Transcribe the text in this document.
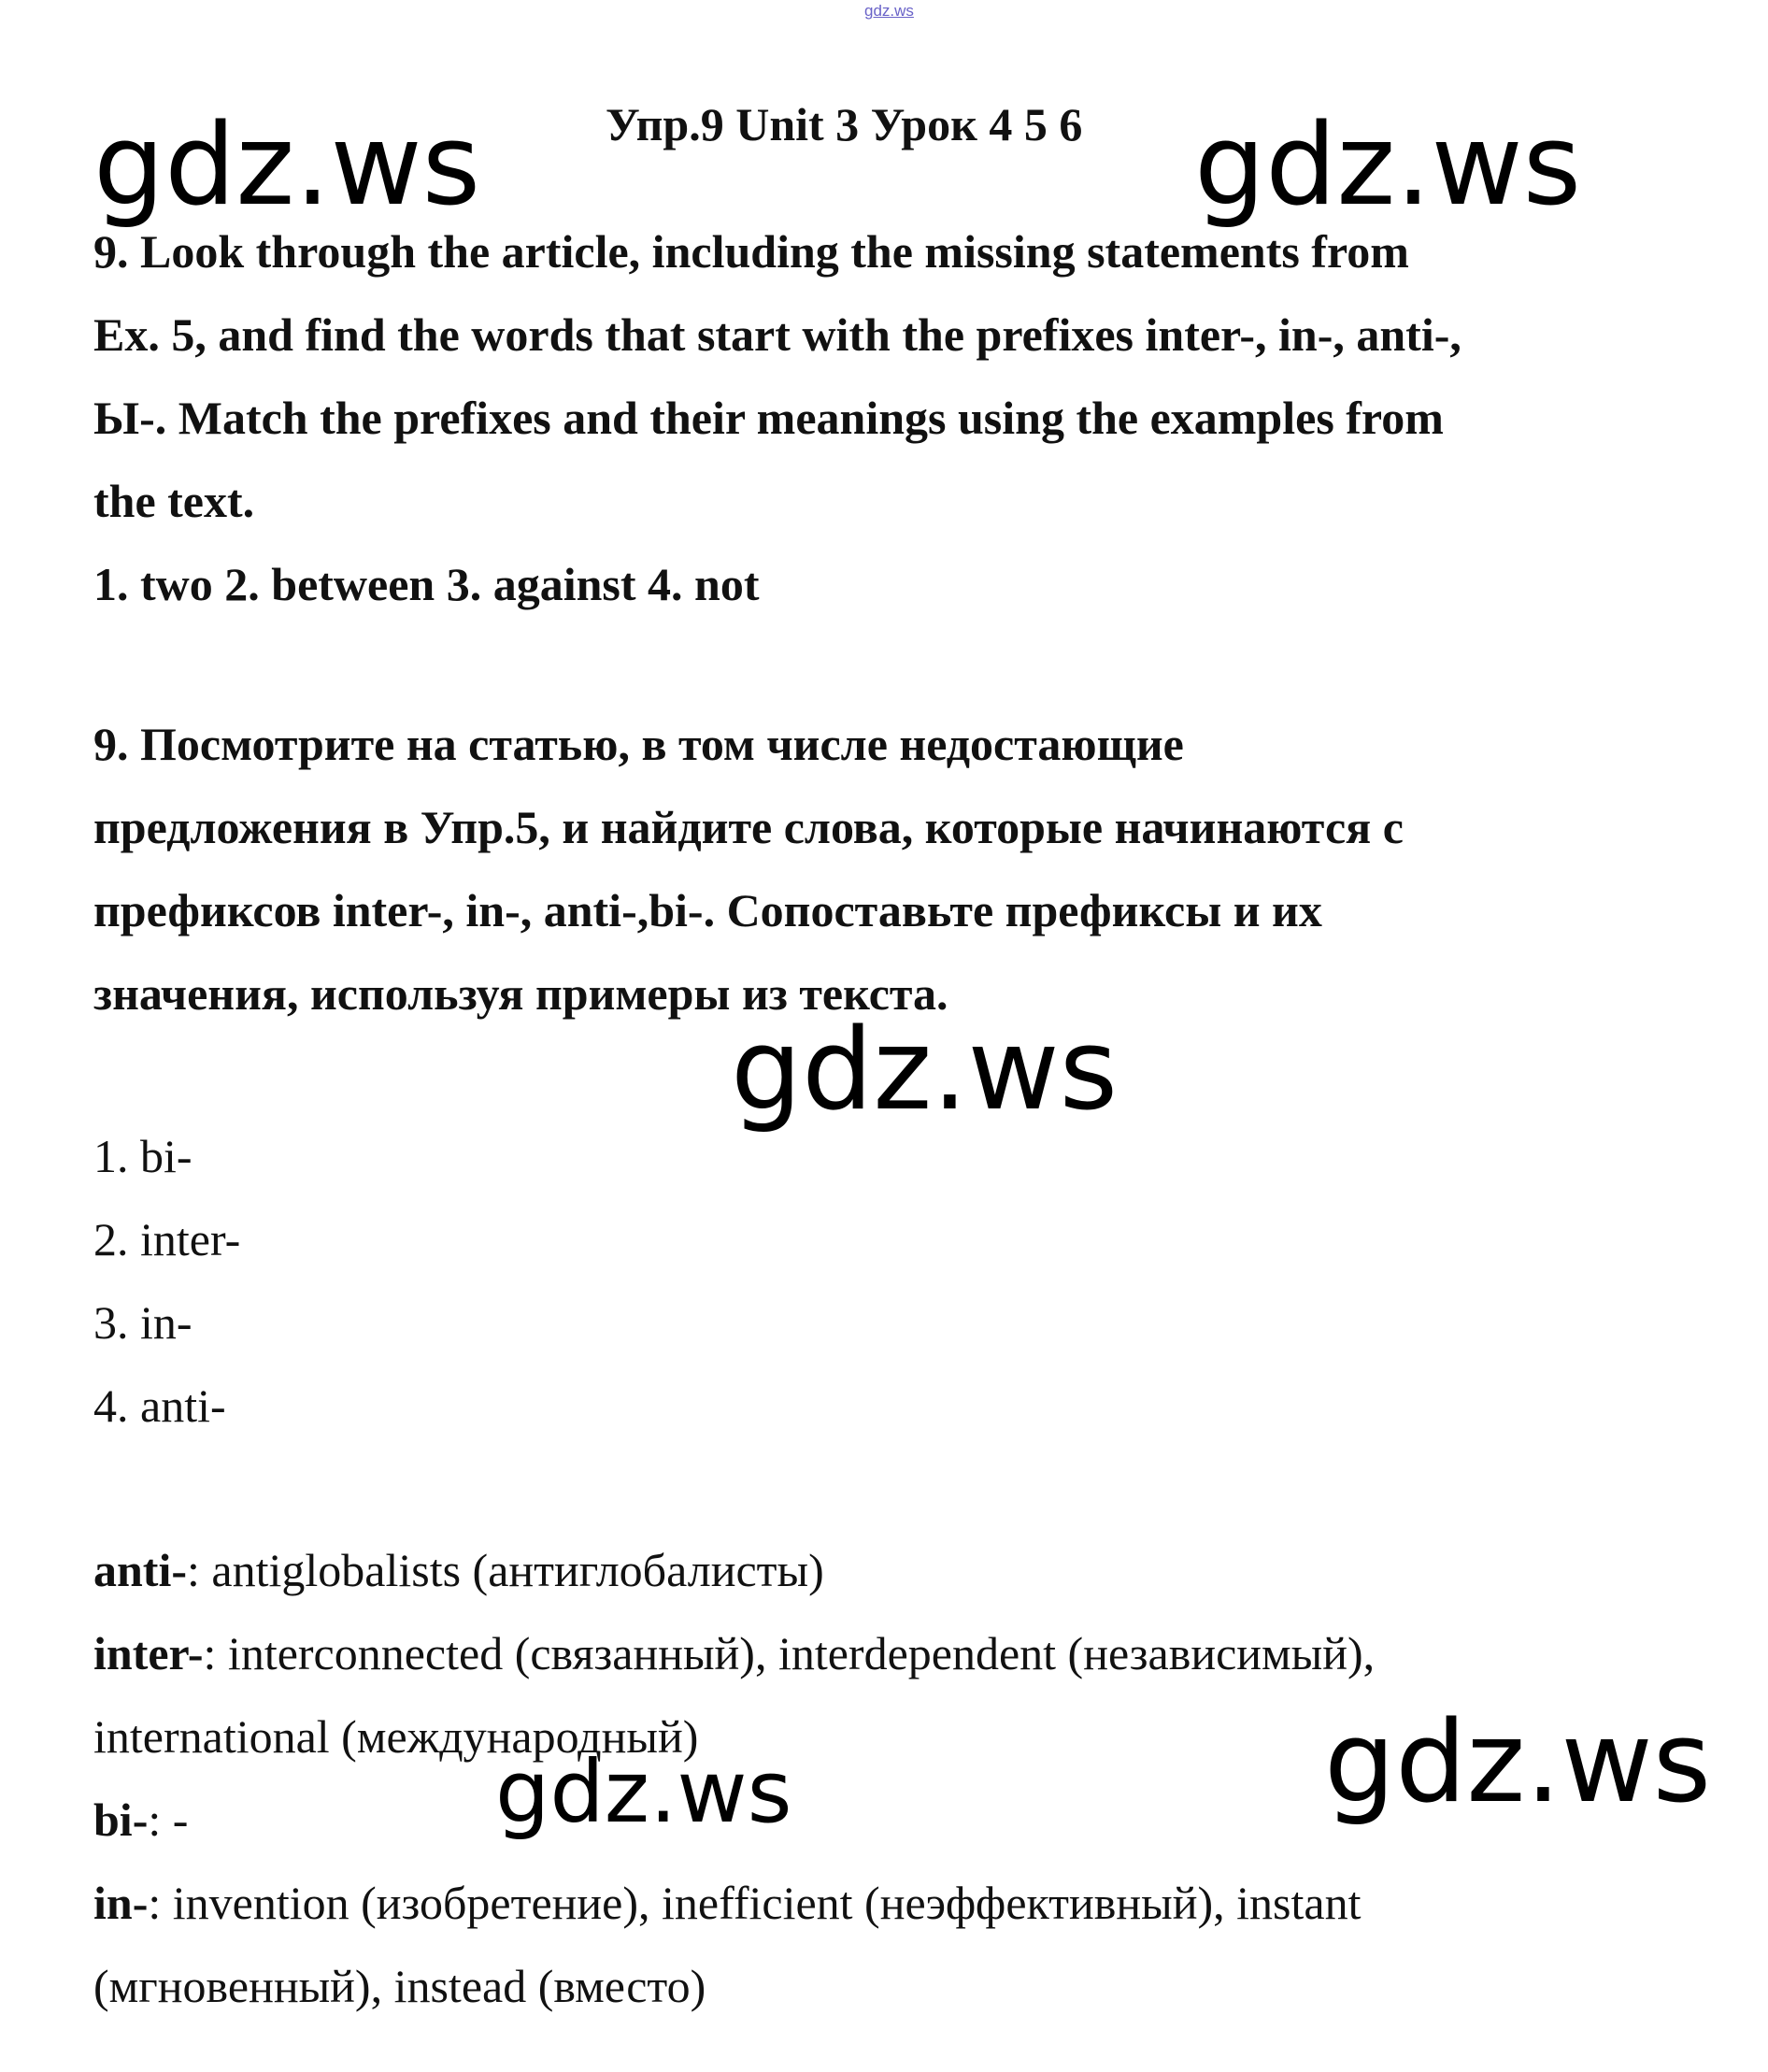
gdz.ws
gdz.ws	Упр.9 Unit 3 Урок 4 5 6 gdz.ws
9. Look through the article, including the missing statements from
Ex. 5, and find the words that start with the prefixes inter-, in-, anti-,
Ы-. Match the prefixes and their meanings using the examples from
the text.
1. two 2. between 3. against 4. not
9. Посмотрите на статью, в том числе недостающие
предложения в Упр.5, и найдите слова, которые начинаются с
префиксов inter-, in-, anti-,bi-. Сопоставьте префиксы и их
значения, используя примеры из текста.
gdz.ws
1. bi-
2. inter-
3. in-
4. anti-
anti-: antiglobalists (антиглобалисты)
inter-: interconnected (связанный), interdependent (независимый),
international (международный)	gdz.ws
bi-: -	gdz.ws
in-: invention (изобретение), inefficient (неэффективный), instant
(мгновенный), instead (вместо)
